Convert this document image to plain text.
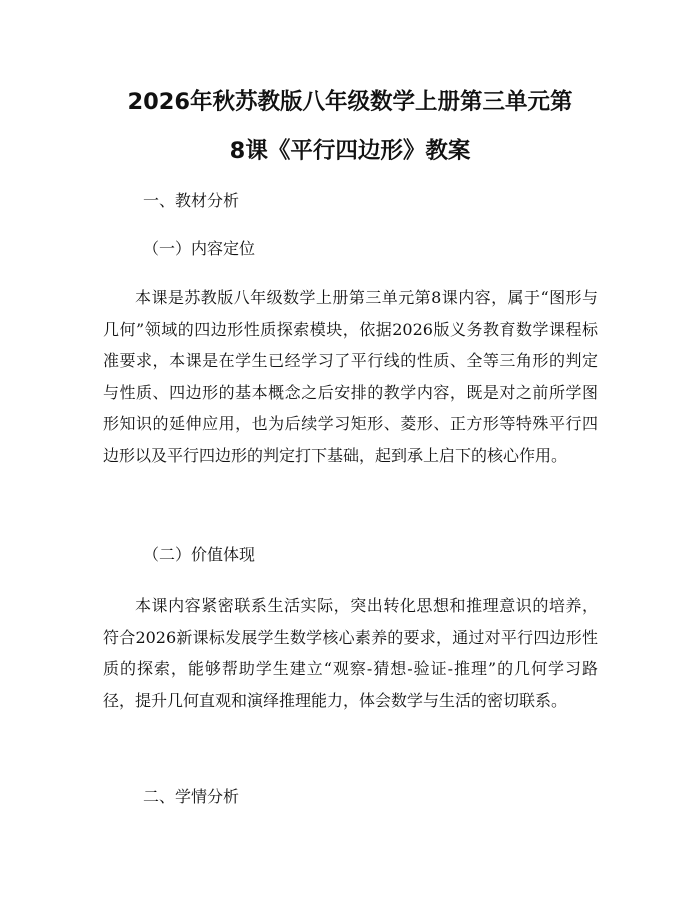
2026年秋苏教版八年级数学上册第三单元第
8课《平行四边形》教案
一、教材分析
（一）内容定位

本课是苏教版八年级数学上册第三单元第8课内容，属于“图形与几何”领域的四边形性质探索模块，依据2026版义务教育数学课程标准要求，本课是在学生已经学习了平行线的性质、全等三角形的判定与性质、四边形的基本概念之后安排的教学内容，既是对之前所学图形知识的延伸应用，也为后续学习矩形、菱形、正方形等特殊平行四边形以及平行四边形的判定打下基础，起到承上启下的核心作用。

（二）价值体现

本课内容紧密联系生活实际，突出转化思想和推理意识的培养，符合2026新课标发展学生数学核心素养的要求，通过对平行四边形性质的探索，能够帮助学生建立“观察-猜想-验证-推理”的几何学习路径，提升几何直观和演绎推理能力，体会数学与生活的密切联系。

二、学情分析
